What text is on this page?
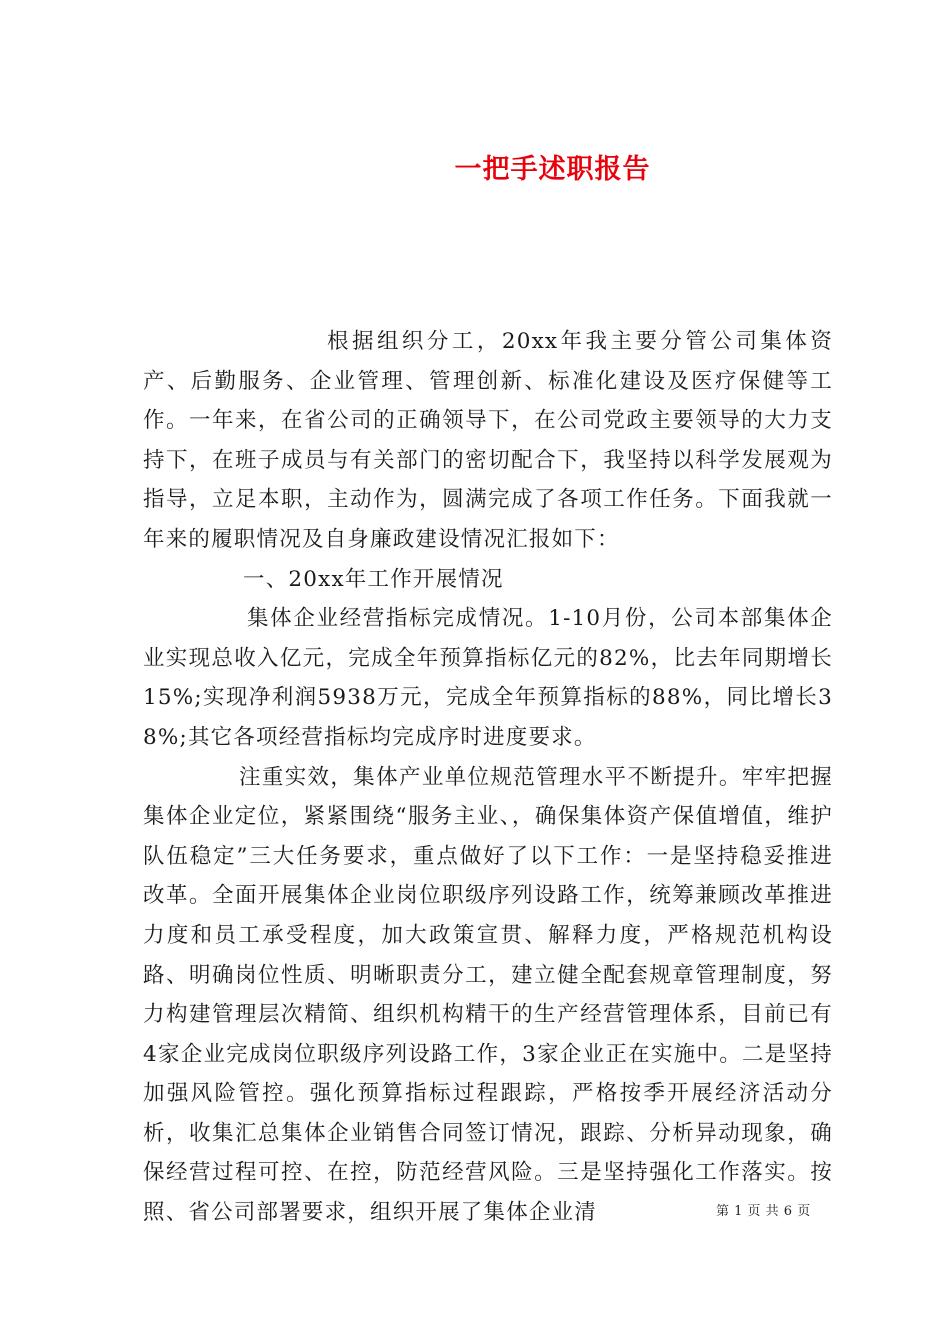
一把手述职报告

根据组织分工，20xx年我主要分管公司集体资产、后勤服务、企业管理、管理创新、标准化建设及医疗保健等工作。一年来，在省公司的正确领导下，在公司党政主要领导的大力支持下，在班子成员与有关部门的密切配合下，我坚持以科学发展观为指导，立足本职，主动作为，圆满完成了各项工作任务。下面我就一年来的履职情况及自身廉政建设情况汇报如下：

一、20xx年工作开展情况

集体企业经营指标完成情况。1-10月份，公司本部集体企业实现总收入亿元，完成全年预算指标亿元的82%，比去年同期增长15%;实现净利润5938万元，完成全年预算指标的88%，同比增长38%;其它各项经营指标均完成序时进度要求。

注重实效，集体产业单位规范管理水平不断提升。牢牢把握集体企业定位，紧紧围绕“服务主业、，确保集体资产保值增值，维护队伍稳定”三大任务要求，重点做好了以下工作：一是坚持稳妥推进改革。全面开展集体企业岗位职级序列设路工作，统筹兼顾改革推进力度和员工承受程度，加大政策宣贯、解释力度，严格规范机构设路、明确岗位性质、明晰职责分工，建立健全配套规章管理制度，努力构建管理层次精简、组织机构精干的生产经营管理体系，目前已有4家企业完成岗位职级序列设路工作，3家企业正在实施中。二是坚持加强风险管控。强化预算指标过程跟踪，严格按季开展经济活动分析，收集汇总集体企业销售合同签订情况，跟踪、分析异动现象，确保经营过程可控、在控，防范经营风险。三是坚持强化工作落实。按照、省公司部署要求，组织开展了集体企业清	第 1 页 共 6 页
